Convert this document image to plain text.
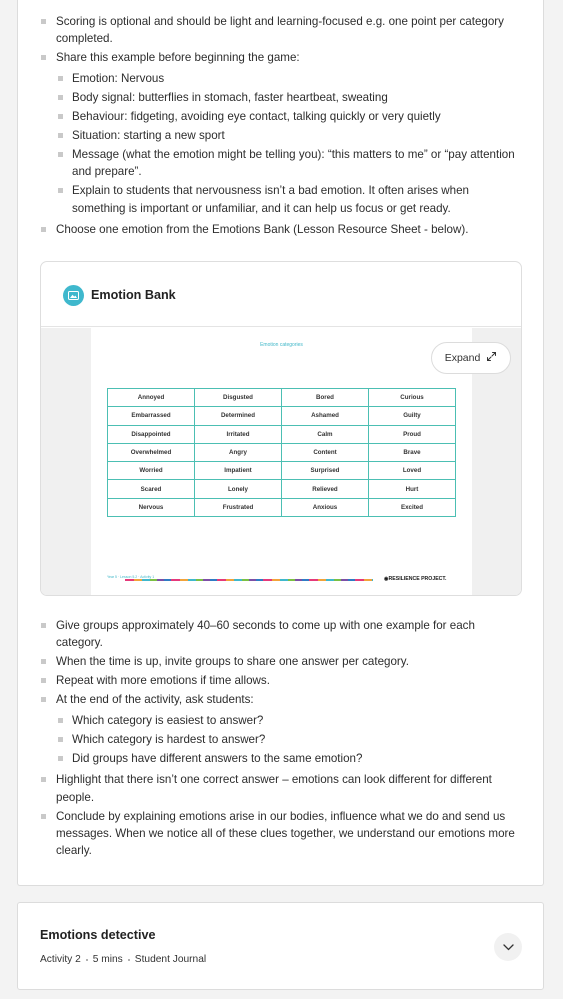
Scoring is optional and should be light and learning-focused e.g. one point per category completed.
Share this example before beginning the game:
Emotion: Nervous
Body signal: butterflies in stomach, faster heartbeat, sweating
Behaviour: fidgeting, avoiding eye contact, talking quickly or very quietly
Situation: starting a new sport
Message (what the emotion might be telling you): “this matters to me” or “pay attention and prepare”.
Explain to students that nervousness isn’t a bad emotion. It often arises when something is important or unfamiliar, and it can help us focus or get ready.
Choose one emotion from the Emotions Bank (Lesson Resource Sheet - below).
Emotion Bank
Emotion categories
Annoyed	Disgusted	Bored	Curious
Embarrassed	Determined	Ashamed	Guilty
Disappointed	Irritated	Calm	Proud
Overwhelmed	Angry	Content	Brave
Worried	Impatient	Surprised	Loved
Scared	Lonely	Relieved	Hurt
Nervous	Frustrated	Anxious	Excited
Year 5 · Lesson 5.2 · Activity 1	◉RESILIENCE PROJECT.
Expand
Give groups approximately 40–60 seconds to come up with one example for each category.
When the time is up, invite groups to share one answer per category.
Repeat with more emotions if time allows.
At the end of the activity, ask students:
Which category is easiest to answer?
Which category is hardest to answer?
Did groups have different answers to the same emotion?
Highlight that there isn’t one correct answer – emotions can look different for different people.
Conclude by explaining emotions arise in our bodies, influence what we do and send us messages. When we notice all of these clues together, we understand our emotions more clearly.
Emotions detective
Activity 2 5 mins Student Journal
